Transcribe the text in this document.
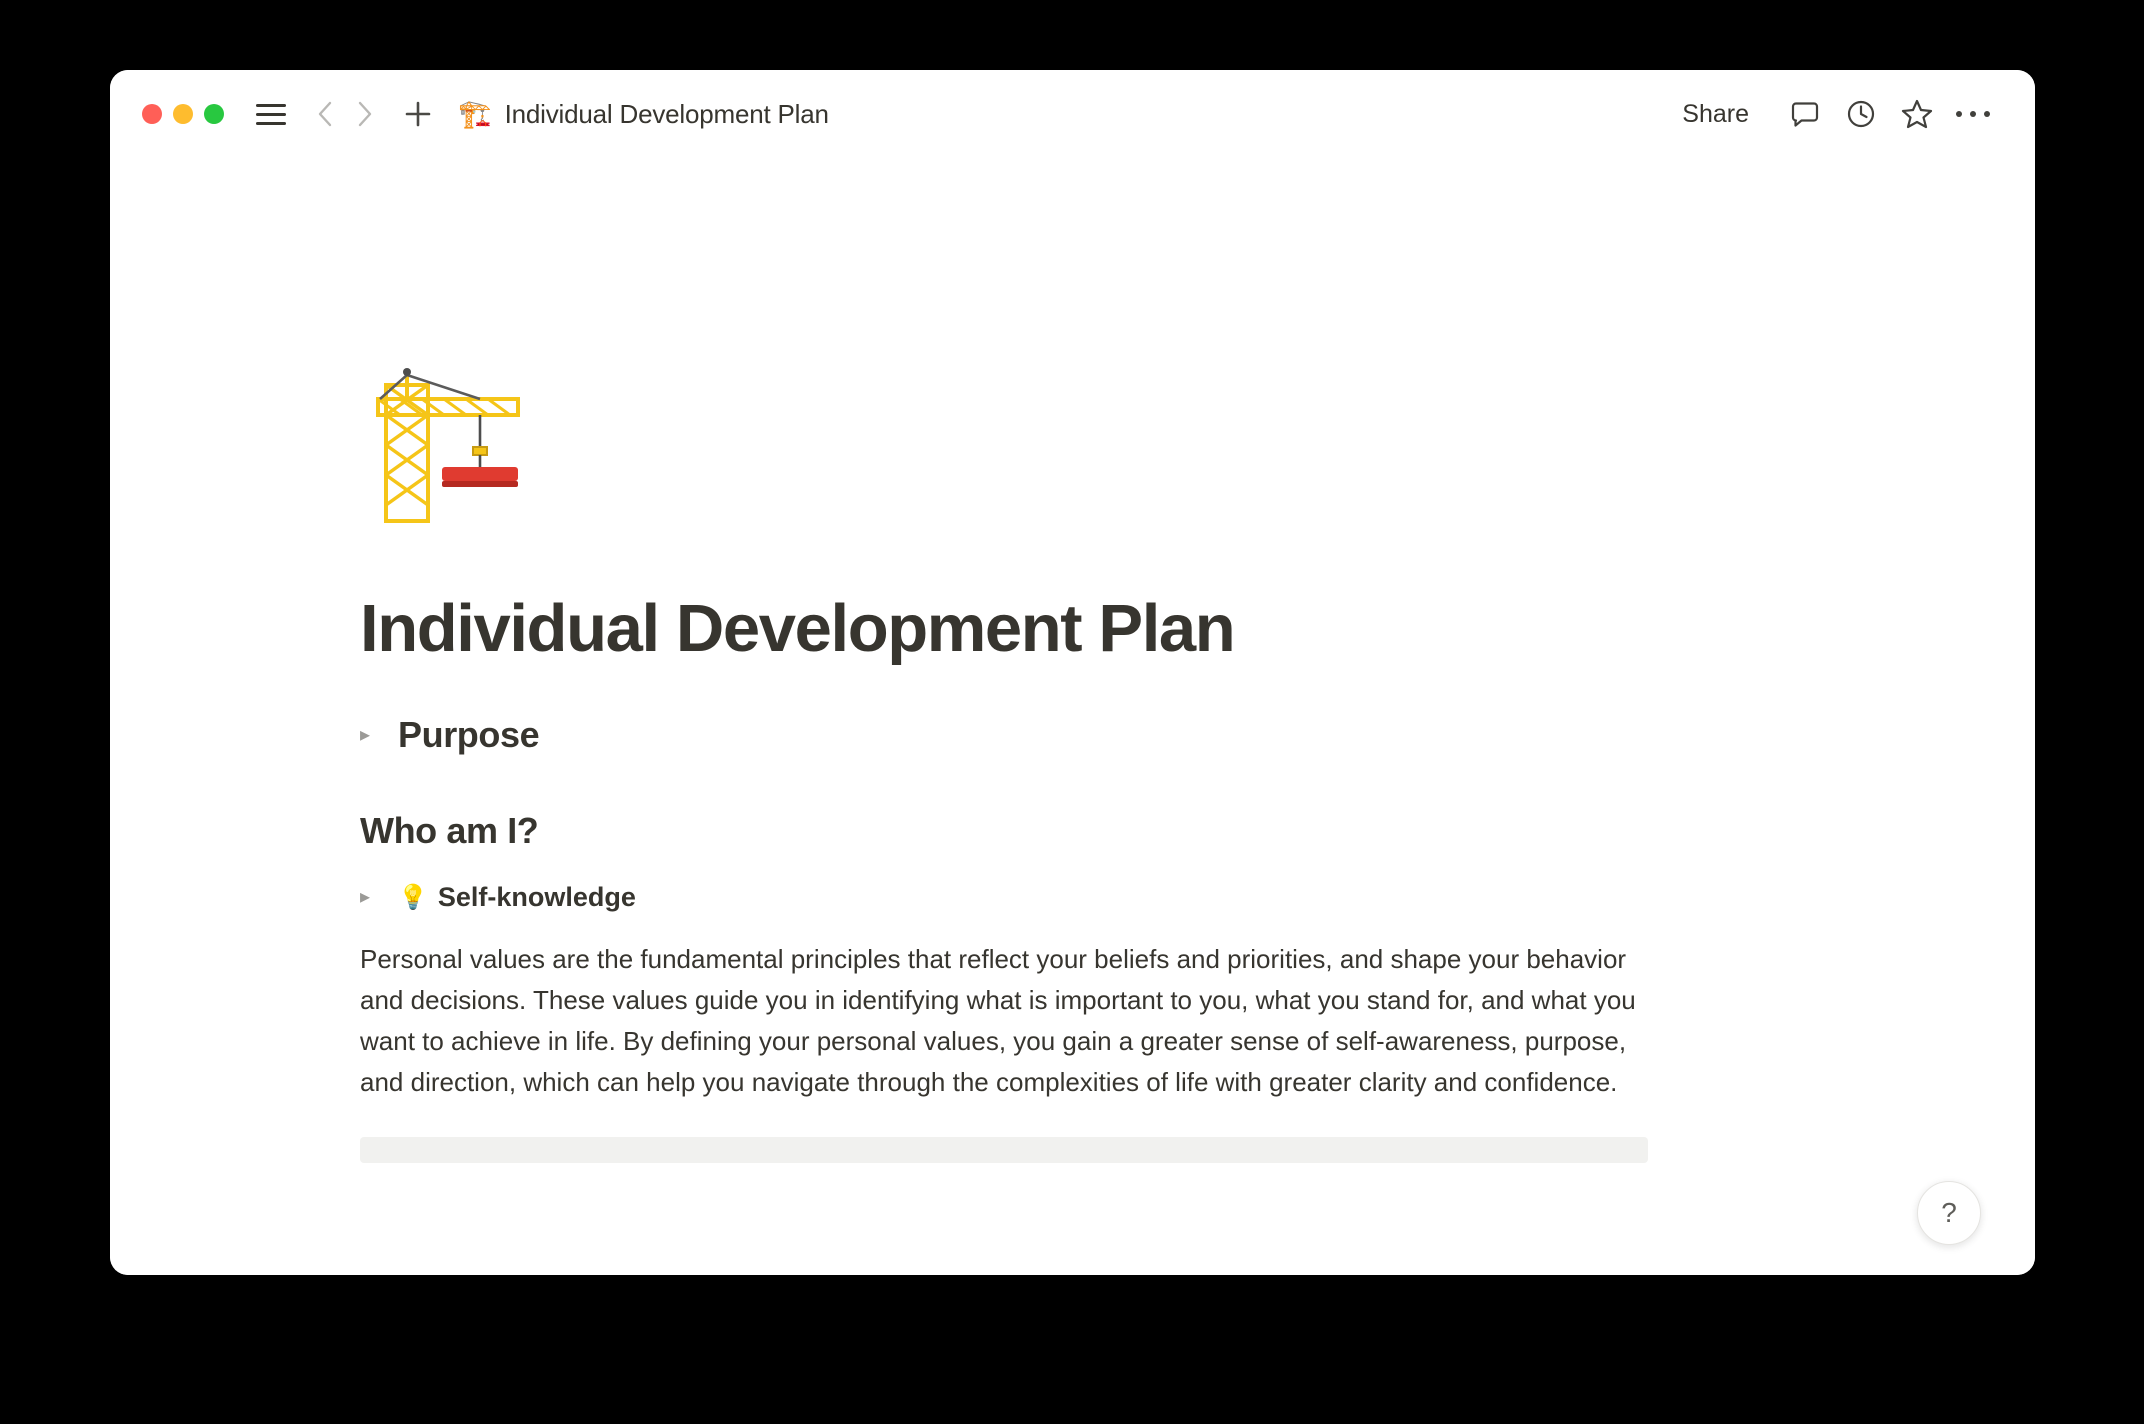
🏗️ Individual Development Plan	Share
Individual Development Plan
▸ Purpose
Who am I?
▸	💡 Self-knowledge

Personal values are the fundamental principles that reflect your beliefs and priorities, and shape your behavior and decisions. These values guide you in identifying what is important to you, what you stand for, and what you want to achieve in life. By defining your personal values, you gain a greater sense of self-awareness, purpose, and direction, which can help you navigate through the complexities of life with greater clarity and confidence.

?
